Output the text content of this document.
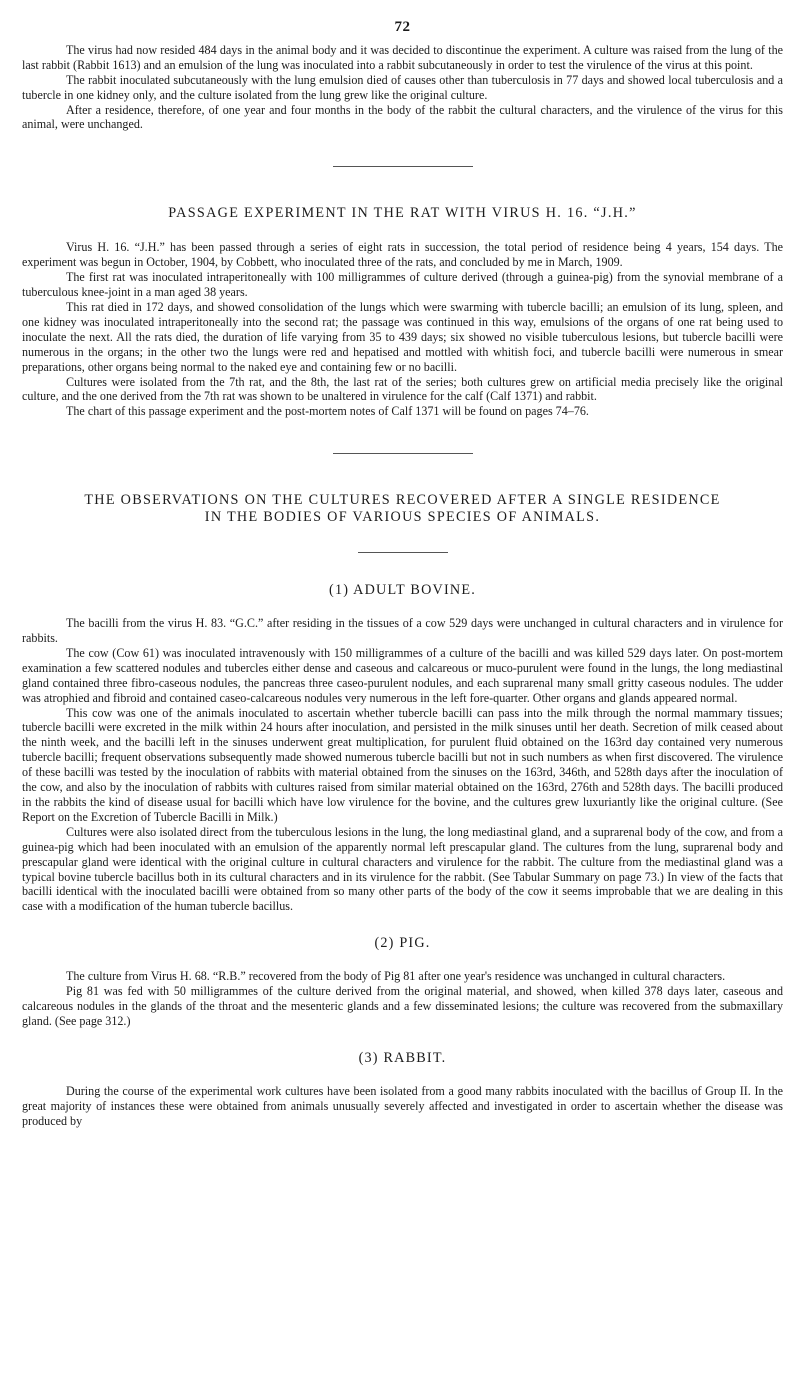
72

The virus had now resided 484 days in the animal body and it was decided to discontinue the experiment. A culture was raised from the lung of the last rabbit (Rabbit 1613) and an emulsion of the lung was inoculated into a rabbit subcutaneously in order to test the virulence of the virus at this point.

The rabbit inoculated subcutaneously with the lung emulsion died of causes other than tuberculosis in 77 days and showed local tuberculosis and a tubercle in one kidney only, and the culture isolated from the lung grew like the original culture.

After a residence, therefore, of one year and four months in the body of the rabbit the cultural characters, and the virulence of the virus for this animal, were unchanged.

PASSAGE EXPERIMENT IN THE RAT WITH VIRUS H. 16. “J.H.”

Virus H. 16. “J.H.” has been passed through a series of eight rats in succession, the total period of residence being 4 years, 154 days. The experiment was begun in October, 1904, by Cobbett, who inoculated three of the rats, and concluded by me in March, 1909.

The first rat was inoculated intraperitoneally with 100 milligrammes of culture derived (through a guinea-pig) from the synovial membrane of a tuberculous knee-joint in a man aged 38 years.

This rat died in 172 days, and showed consolidation of the lungs which were swarming with tubercle bacilli; an emulsion of its lung, spleen, and one kidney was inoculated intraperitoneally into the second rat; the passage was continued in this way, emulsions of the organs of one rat being used to inoculate the next. All the rats died, the duration of life varying from 35 to 439 days; six showed no visible tuberculous lesions, but tubercle bacilli were numerous in the organs; in the other two the lungs were red and hepatised and mottled with whitish foci, and tubercle bacilli were numerous in smear preparations, other organs being normal to the naked eye and containing few or no bacilli.

Cultures were isolated from the 7th rat, and the 8th, the last rat of the series; both cultures grew on artificial media precisely like the original culture, and the one derived from the 7th rat was shown to be unaltered in virulence for the calf (Calf 1371) and rabbit.

The chart of this passage experiment and the post-mortem notes of Calf 1371 will be found on pages 74–76.

THE OBSERVATIONS ON THE CULTURES RECOVERED AFTER A SINGLE RESIDENCE
IN THE BODIES OF VARIOUS SPECIES OF ANIMALS.
(1) ADULT BOVINE.

The bacilli from the virus H. 83. “G.C.” after residing in the tissues of a cow 529 days were unchanged in cultural characters and in virulence for rabbits.

The cow (Cow 61) was inoculated intravenously with 150 milligrammes of a culture of the bacilli and was killed 529 days later. On post-mortem examination a few scattered nodules and tubercles either dense and caseous and calcareous or muco-purulent were found in the lungs, the long mediastinal gland contained three fibro-caseous nodules, the pancreas three caseo-purulent nodules, and each suprarenal many small gritty caseous nodules. The udder was atrophied and fibroid and contained caseo-calcareous nodules very numerous in the left fore-quarter. Other organs and glands appeared normal.

This cow was one of the animals inoculated to ascertain whether tubercle bacilli can pass into the milk through the normal mammary tissues; tubercle bacilli were excreted in the milk within 24 hours after inoculation, and persisted in the milk sinuses until her death. Secretion of milk ceased about the ninth week, and the bacilli left in the sinuses underwent great multiplication, for purulent fluid obtained on the 163rd day contained very numerous tubercle bacilli; frequent observations subsequently made showed numerous tubercle bacilli but not in such numbers as when first discovered. The virulence of these bacilli was tested by the inoculation of rabbits with material obtained from the sinuses on the 163rd, 346th, and 528th days after the inoculation of the cow, and also by the inoculation of rabbits with cultures raised from similar material obtained on the 163rd, 276th and 528th days. The bacilli produced in the rabbits the kind of disease usual for bacilli which have low virulence for the bovine, and the cultures grew luxuriantly like the original culture. (See Report on the Excretion of Tubercle Bacilli in Milk.)

Cultures were also isolated direct from the tuberculous lesions in the lung, the long mediastinal gland, and a suprarenal body of the cow, and from a guinea-pig which had been inoculated with an emulsion of the apparently normal left prescapular gland. The cultures from the lung, suprarenal body and prescapular gland were identical with the original culture in cultural characters and virulence for the rabbit. The culture from the mediastinal gland was a typical bovine tubercle bacillus both in its cultural characters and in its virulence for the rabbit. (See Tabular Summary on page 73.) In view of the facts that bacilli identical with the inoculated bacilli were obtained from so many other parts of the body of the cow it seems improbable that we are dealing in this case with a modification of the human tubercle bacillus.

(2) PIG.

The culture from Virus H. 68. “R.B.” recovered from the body of Pig 81 after one year's residence was unchanged in cultural characters.

Pig 81 was fed with 50 milligrammes of the culture derived from the original material, and showed, when killed 378 days later, caseous and calcareous nodules in the glands of the throat and the mesenteric glands and a few disseminated lesions; the culture was recovered from the submaxillary gland. (See page 312.)

(3) RABBIT.

During the course of the experimental work cultures have been isolated from a good many rabbits inoculated with the bacillus of Group II. In the great majority of instances these were obtained from animals unusually severely affected and investigated in order to ascertain whether the disease was produced by
